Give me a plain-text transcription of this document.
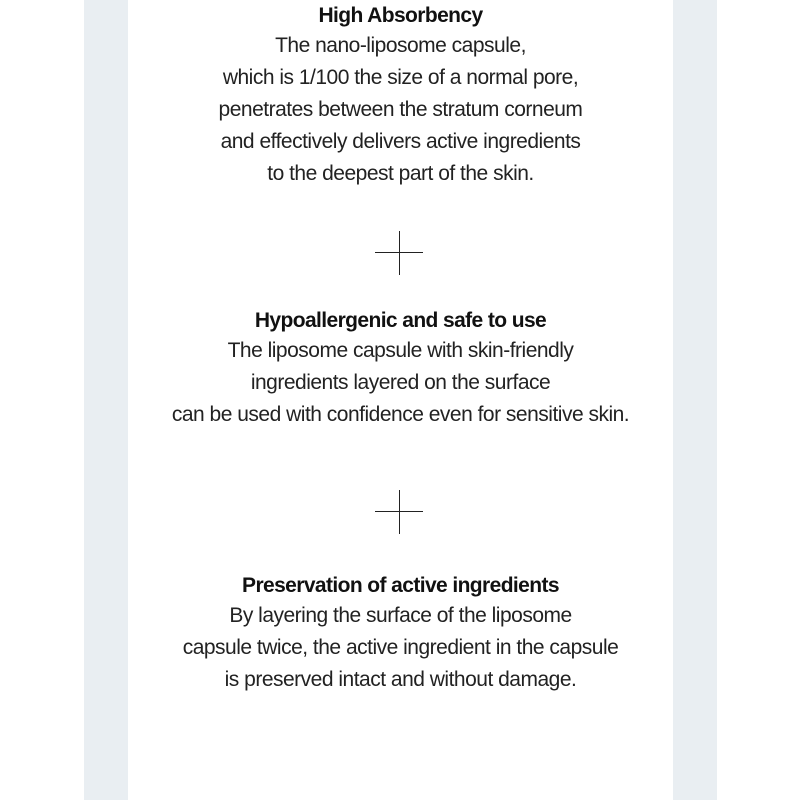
High Absorbency
The nano-liposome capsule,
which is 1/100 the size of a normal pore,
penetrates between the stratum corneum
and effectively delivers active ingredients
to the deepest part of the skin.
Hypoallergenic and safe to use
The liposome capsule with skin-friendly
ingredients layered on the surface
can be used with confidence even for sensitive skin.
Preservation of active ingredients
By layering the surface of the liposome
capsule twice, the active ingredient in the capsule
is preserved intact and without damage.
